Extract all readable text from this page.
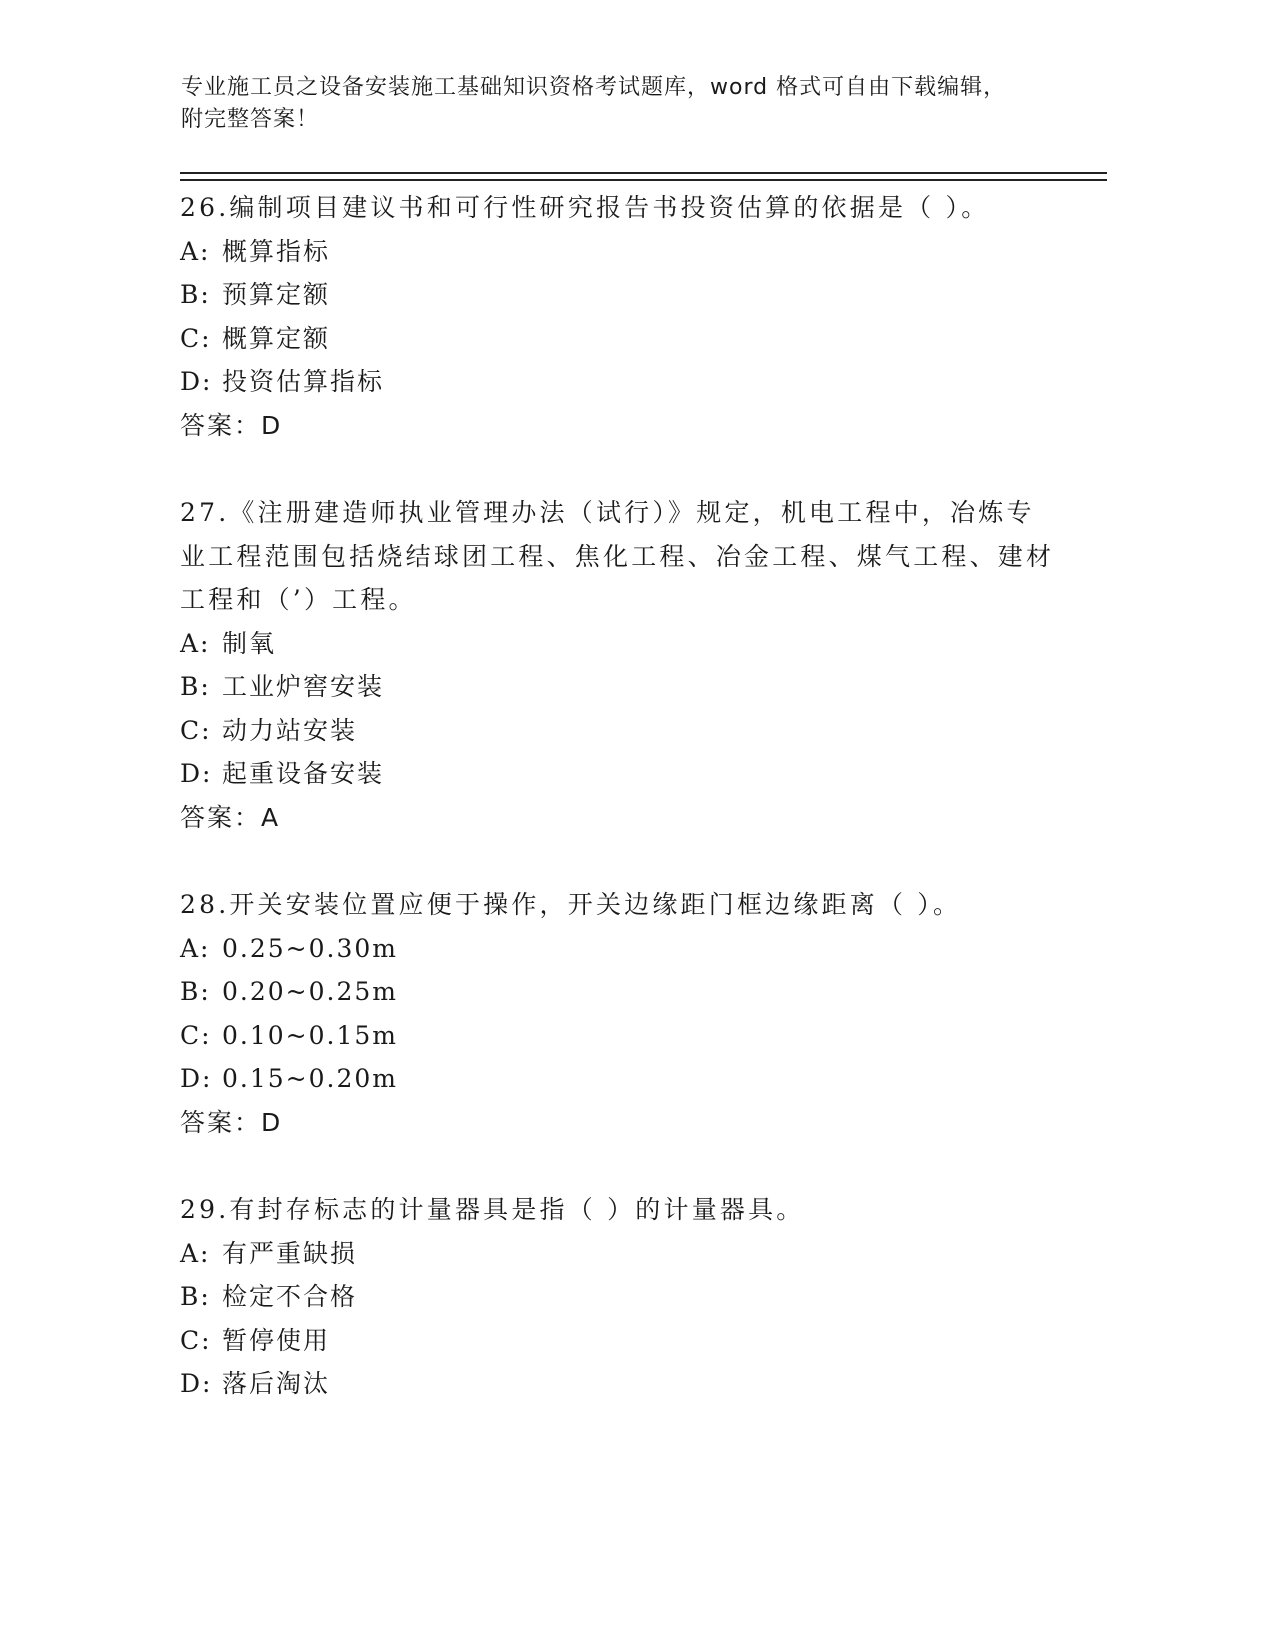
专业施工员之设备安装施工基础知识资格考试题库，word 格式可自由下载编辑，
附完整答案！

26.编制项目建议书和可行性研究报告书投资估算的依据是（ ）。

A: 概算指标
B: 预算定额
C: 概算定额
D: 投资估算指标
答案：D

27.《注册建造师执业管理办法（试行）》规定，机电工程中，冶炼专业工程范围包括烧结球团工程、焦化工程、冶金工程、煤气工程、建材工程和（’）工程。

A: 制氧
B: 工业炉窖安装
C: 动力站安装
D: 起重设备安装
答案：A

28.开关安装位置应便于操作，开关边缘距门框边缘距离（ ）。

A: 0.25~0.30m
B: 0.20~0.25m
C: 0.10~0.15m
D: 0.15~0.20m
答案：D

29.有封存标志的计量器具是指（ ）的计量器具。

A: 有严重缺损
B: 检定不合格
C: 暂停使用
D: 落后淘汰
